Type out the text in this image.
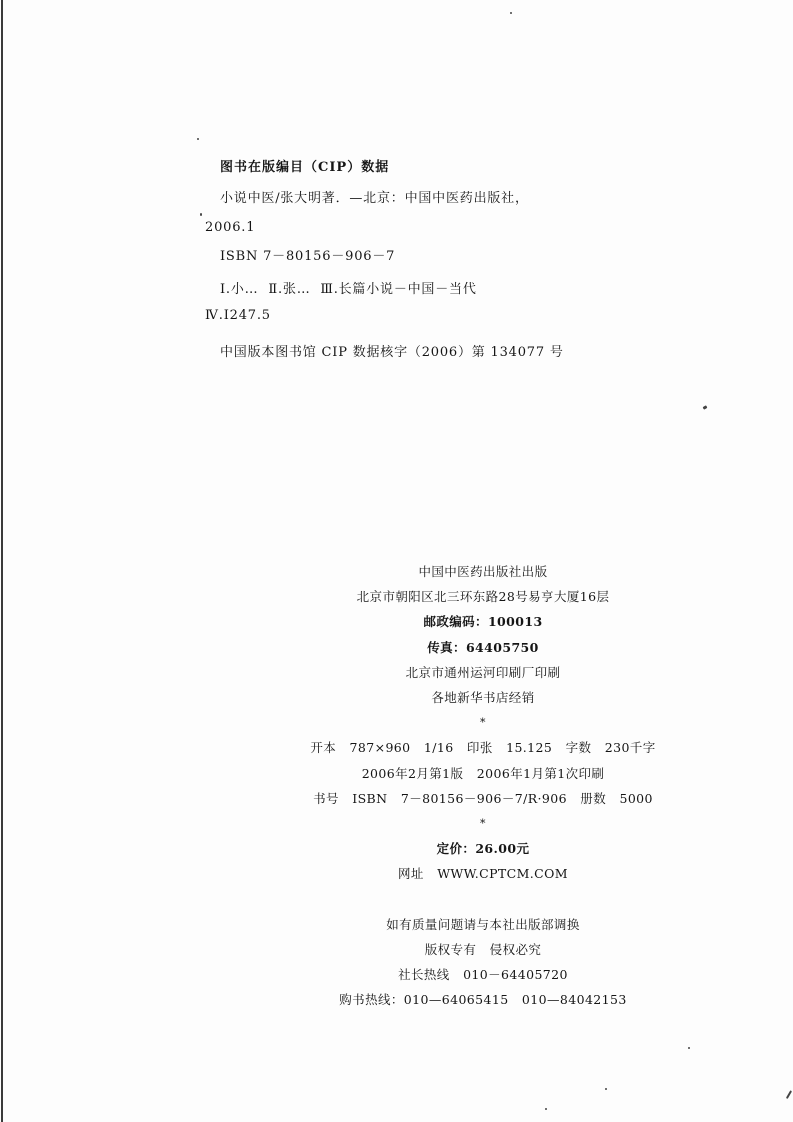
图书在版编目（CIP）数据
小说中医/张大明著．—北京：中国中医药出版社，
2006.1
ISBN 7－80156－906－7
Ⅰ.小…  Ⅱ.张…  Ⅲ.长篇小说－中国－当代
Ⅳ.I247.5
中国版本图书馆 CIP 数据核字（2006）第 134077 号
中国中医药出版社出版
北京市朝阳区北三环东路28号易亨大厦16层
邮政编码：100013
传真：64405750
北京市通州运河印刷厂印刷
各地新华书店经销
*
开本 787×960 1/16 印张 15.125 字数 230千字
2006年2月第1版 2006年1月第1次印刷
书号 ISBN 7－80156－906－7/R·906 册数 5000
*
定价：26.00元
网址 WWW.CPTCM.COM
如有质量问题请与本社出版部调换
版权专有 侵权必究
社长热线 010－64405720
购书热线：010—64065415 010—84042153
